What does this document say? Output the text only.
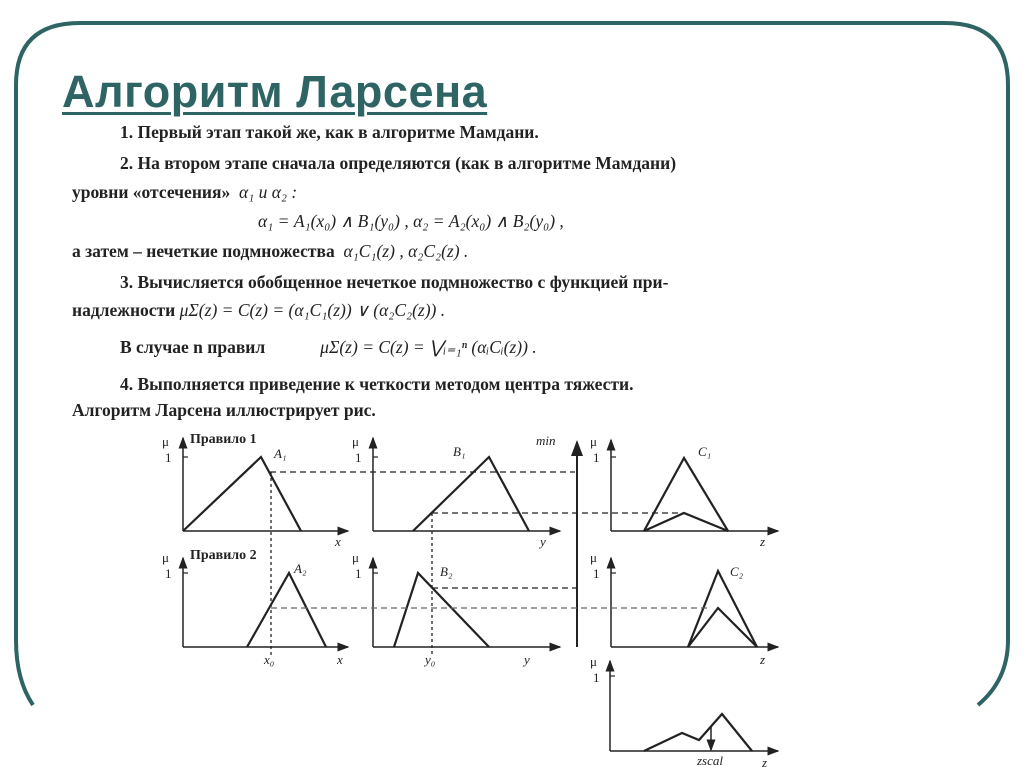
Алгоритм Ларсена
1. Первый этап такой же, как в алгоритме Мамдани.
2. На втором этапе сначала определяются (как в алгоритме Мамдани)
уровни «отсечения» α₁ и α₂ :
α₁ = A₁(x₀) ∧ B₁(y₀) , α₂ = A₂(x₀) ∧ B₂(y₀) ,
а затем – нечеткие подмножества α₁C₁(z) , α₂C₂(z) .
3. Вычисляется обобщенное нечеткое подмножество с функцией при-
надлежности μΣ(z) = C(z) = (α₁C₁(z)) ∨ (α₂C₂(z)) .
В случае n правил	μΣ(z) = C(z) = ⋁ᵢ₌₁ⁿ (αᵢCᵢ(z)) .
4. Выполняется приведение к четкости методом центра тяжести.
Алгоритм Ларсена иллюстрирует рис.
Правило 1
Правило 2
μ
1
μ
1
μ
1
μ
1
μ
1
μ
1
μ
1
A₁
A₂
B₁
B₂
C₁
C₂
min
x	y	z
x	y	z
x₀	y₀
zscal	z
